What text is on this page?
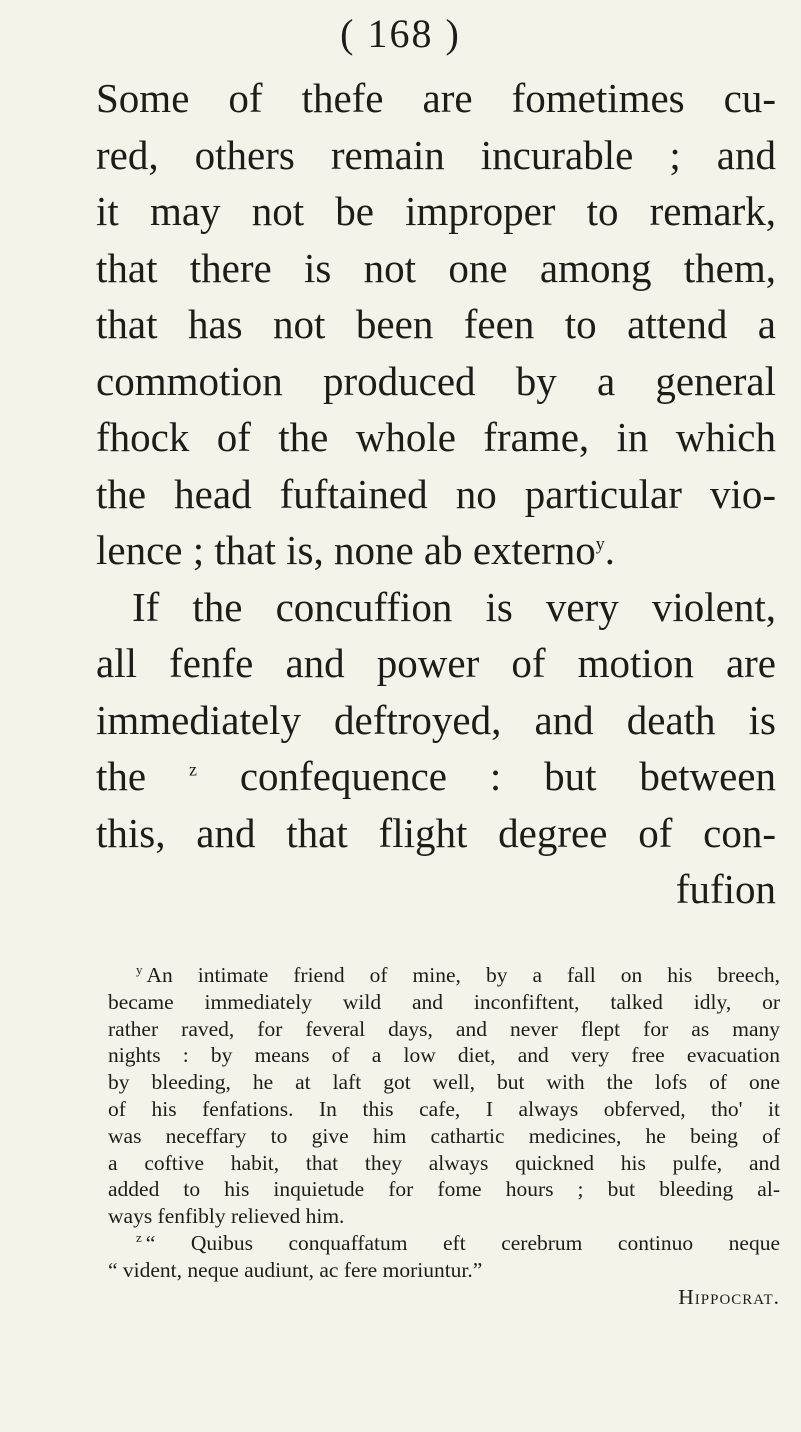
( 168 )
Some of thefe are fometimes cu-
red, others remain incurable ; and
it may not be improper to remark,
that there is not one among them,
that has not been feen to attend a
commotion produced by a general
fhock of the whole frame, in which
the head fuftained no particular vio-
lence ; that is, none ab externo$^y$.
If the concuffion is very violent,
all fenfe and power of motion are
immediately deftroyed, and death is
the $^z$ confequence : but between
this, and that flight degree of con-
fufion
$^y$ An intimate friend of mine, by a fall on his breech,
became immediately wild and inconfiftent, talked idly, or
rather raved, for feveral days, and never flept for as many
nights : by means of a low diet, and very free evacuation
by bleeding, he at laft got well, but with the lofs of one
of his fenfations. In this cafe, I always obferved, tho' it
was neceffary to give him cathartic medicines, he being of
a coftive habit, that they always quickned his pulfe, and
added to his inquietude for fome hours ; but bleeding al-
ways fenfibly relieved him.
$^z$ “ Quibus conquaffatum eft cerebrum continuo neque
“ vident, neque audiunt, ac fere moriuntur.”
Hippocrat.
